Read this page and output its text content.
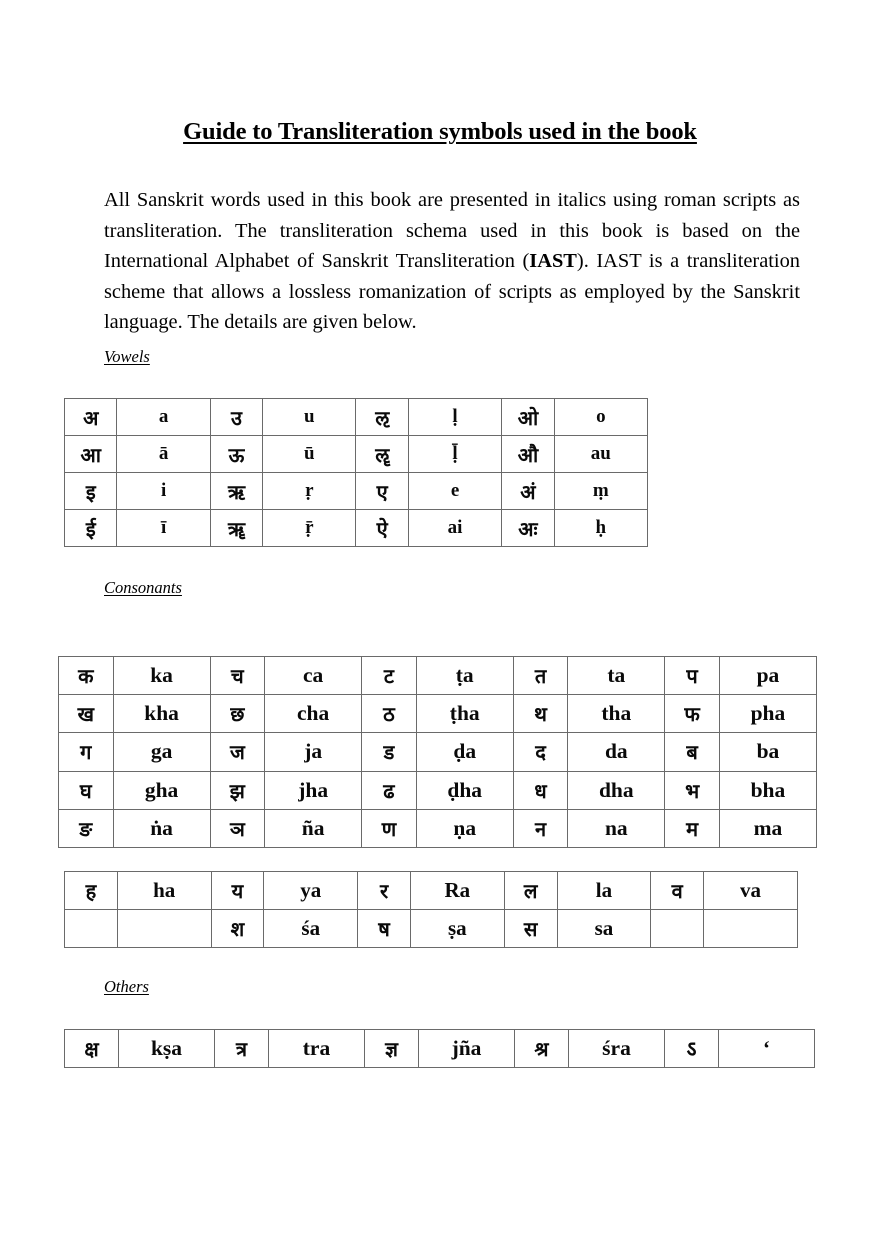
Guide to Transliteration symbols used in the book

All Sanskrit words used in this book are presented in italics using roman scripts as transliteration. The transliteration schema used in this book is based on the International Alphabet of Sanskrit Transliteration (IAST). IAST is a transliteration scheme that allows a lossless romanization of scripts as employed by the Sanskrit language. The details are given below.

Vowels
अ	a	उ	u	ऌ	ḷ	ओ	o
आ	ā	ऊ	ū	ॡ	ḹ	औ	au
इ	i	ऋ	ṛ	ए	e	अं	ṃ
ई	ī	ॠ	ṝ	ऐ	ai	अः	ḥ
Consonants
क	ka	च	ca	ट	ṭa	त	ta	प	pa
ख	kha	छ	cha	ठ	ṭha	थ	tha	फ	pha
ग	ga	ज	ja	ड	ḍa	द	da	ब	ba
घ	gha	झ	jha	ढ	ḍha	ध	dha	भ	bha
ङ	ṅa	ञ	ña	ण	ṇa	न	na	म	ma
ह	ha	य	ya	र	Ra	ल	la	व	va
		श	śa	ष	ṣa	स	sa		
Others
क्ष	kṣa	त्र	tra	ज्ञ	jña	श्र	śra	ऽ	‘
